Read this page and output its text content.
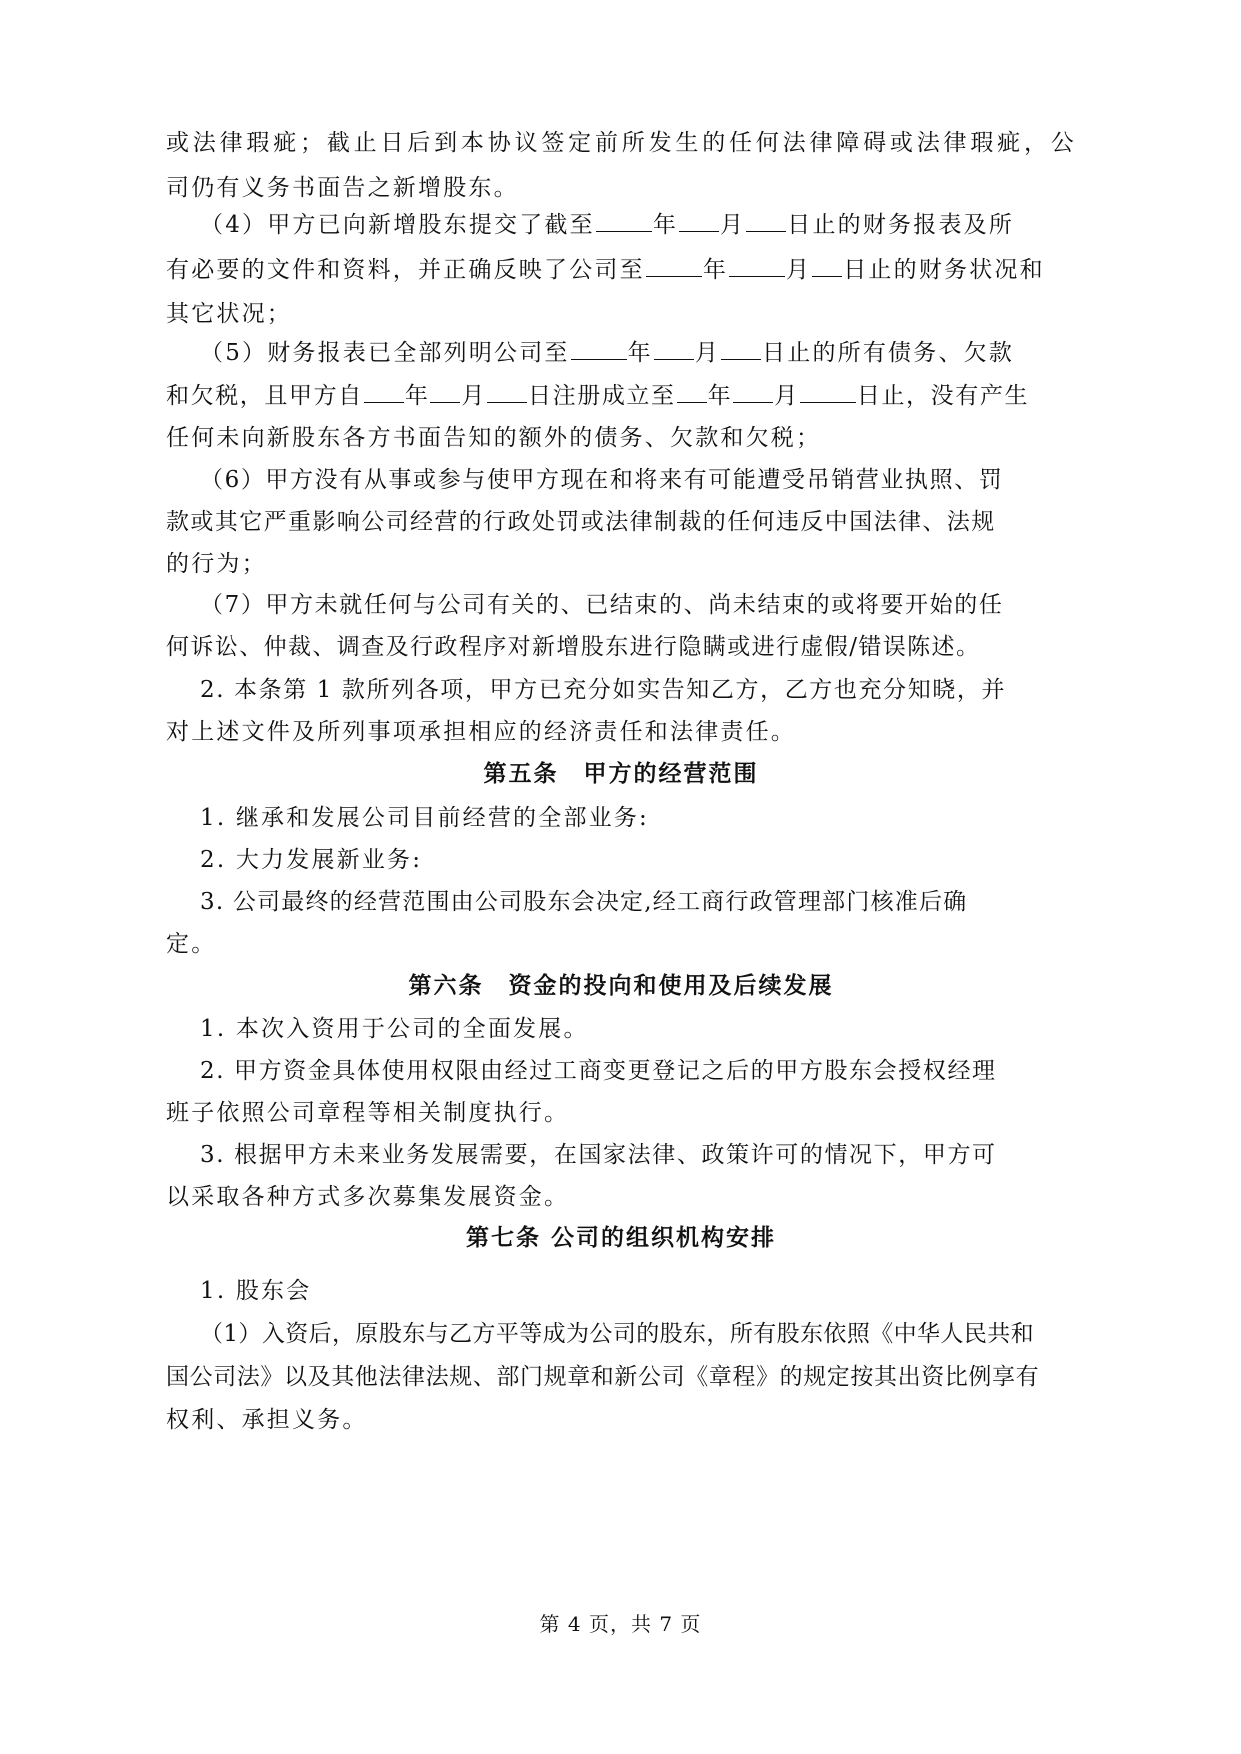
或法律瑕疵；截止日后到本协议签定前所发生的任何法律障碍或法律瑕疵，公
司仍有义务书面告之新增股东。
（4）甲方已向新增股东提交了截至	年 月 日止的财务报表及所
有必要的文件和资料，并正确反映了公司至	年	月 日止的财务状况和
其它状况；
（5）财务报表已全部列明公司至	年 月 日止的所有债务、欠款
和欠税，且甲方自 年 月 日注册成立至 年 月	日止，没有产生
任何未向新股东各方书面告知的额外的债务、欠款和欠税；
（6）甲方没有从事或参与使甲方现在和将来有可能遭受吊销营业执照、罚
款或其它严重影响公司经营的行政处罚或法律制裁的任何违反中国法律、法规
的行为；
（7）甲方未就任何与公司有关的、已结束的、尚未结束的或将要开始的任
何诉讼、仲裁、调查及行政程序对新增股东进行隐瞒或进行虚假/错误陈述。
2. 本条第 1 款所列各项，甲方已充分如实告知乙方，乙方也充分知晓，并
对上述文件及所列事项承担相应的经济责任和法律责任。
第五条　甲方的经营范围
1. 继承和发展公司目前经营的全部业务:
2. 大力发展新业务:
3. 公司最终的经营范围由公司股东会决定,经工商行政管理部门核准后确
定。
第六条　资金的投向和使用及后续发展
1. 本次入资用于公司的全面发展。
2. 甲方资金具体使用权限由经过工商变更登记之后的甲方股东会授权经理
班子依照公司章程等相关制度执行。
3. 根据甲方未来业务发展需要，在国家法律、政策许可的情况下，甲方可
以采取各种方式多次募集发展资金。
第七条 公司的组织机构安排
1. 股东会
（1）入资后，原股东与乙方平等成为公司的股东，所有股东依照《中华人民共和
国公司法》以及其他法律法规、部门规章和新公司《章程》的规定按其出资比例享有
权利、承担义务。
第 4 页，共 7 页
